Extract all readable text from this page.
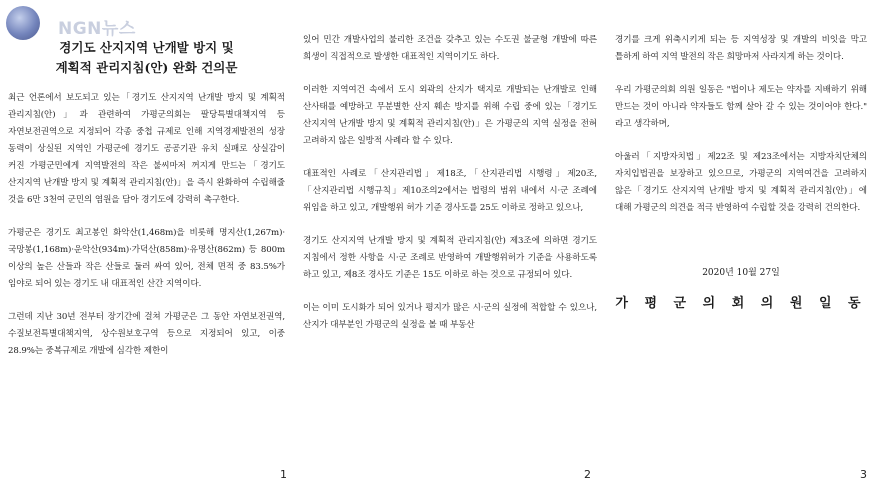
NGN뉴스
경기도 산지지역 난개발 방지 및
계획적 관리지침(안) 완화 건의문

최근 언론에서 보도되고 있는「경기도 산지지역 난개발 방지 및 계획적 관리지침(안)」과 관련하여 가평군의회는 팔당특별대책지역 등 자연보전권역으로 지정되어 각종 중첩 규제로 인해 지역경제발전의 성장 동력이 상실된 지역인 가평군에 경기도 공공기관 유치 실패로 상실감이 커진 가평군민에게 지역발전의 작은 불씨마저 꺼지게 만드는「경기도 산지지역 난개발 방지 및 계획적 관리지침(안)」을 즉시 완화하여 수립해줄 것을 6만 3천여 군민의 염원을 담아 경기도에 강력히 촉구한다.

가평군은 경기도 최고봉인 화악산(1,468m)을 비롯해 명지산(1,267m)·국망봉(1,168m)·운악산(934m)·가덕산(858m)·유명산(862m) 등 800m 이상의 높은 산들과 작은 산들로 둘러 싸여 있어, 전체 면적 중 83.5%가 임야로 되어 있는 경기도 내 대표적인 산간 지역이다.

그런데 지난 30년 전부터 장기간에 걸쳐 가평군은 그 동안 자연보전권역, 수질보전특별대책지역, 상수원보호구역 등으로 지정되어 있고, 이중 28.9%는 중복규제로 개발에 심각한 제한이

있어 민간 개발사업의 불리한 조건을 갖추고 있는 수도권 불균형 개발에 따른 희생이 직접적으로 발생한 대표적인 지역이기도 하다.

이러한 지역여건 속에서 도시 외곽의 산지가 택지로 개발되는 난개발로 인해 산사태를 예방하고 무분별한 산지 훼손 방지를 위해 수립 중에 있는「경기도 산지지역 난개발 방지 및 계획적 관리지침(안)」은 가평군의 지역 실정을 전혀 고려하지 않은 일방적 사례라 할 수 있다.

대표적인 사례로「산지관리법」제18조,「산지관리법 시행령」제20조,「산지관리법 시행규칙」제10조의2에서는 법령의 범위 내에서 시·군 조례에 위임을 하고 있고, 개발행위 허가 기준 경사도를 25도 이하로 정하고 있으나,

경기도 산지지역 난개발 방지 및 계획적 관리지침(안) 제3조에 의하면 경기도 지침에서 정한 사항을 시·군 조례로 반영하여 개발행위허가 기준을 사용하도록 하고 있고, 제8조 경사도 기준은 15도 이하로 하는 것으로 규정되어 있다.

이는 이미 도시화가 되어 있거나 평지가 많은 시·군의 실정에 적합할 수 있으나, 산지가 대부분인 가평군의 실정을 볼 때 부동산

경기를 크게 위축시키게 되는 등 지역성장 및 개발의 비잇을 막고 틀하게 하여 지역 발전의 작은 희망마저 사라지게 하는 것이다.

우리 가평군의회 의원 일동은 "법이나 제도는 약자를 지배하기 위해 만드는 것이 아니라 약자들도 함께 살아 갈 수 있는 것이어야 한다." 라고 생각하며,

아울러「지방자치법」제22조 및 제23조에서는 지방자치단체의 자치입법권을 보장하고 있으므로, 가평군의 지역여건을 고려하지 않은「경기도 산지지역 난개발 방지 및 계획적 관리지침(안)」에 대해 가평군의 의견을 적극 반영하여 수립할 것을 강력히 건의한다.

2020년 10월 27일
가 평 군 의 회 의 원 일 동
1	2	3
